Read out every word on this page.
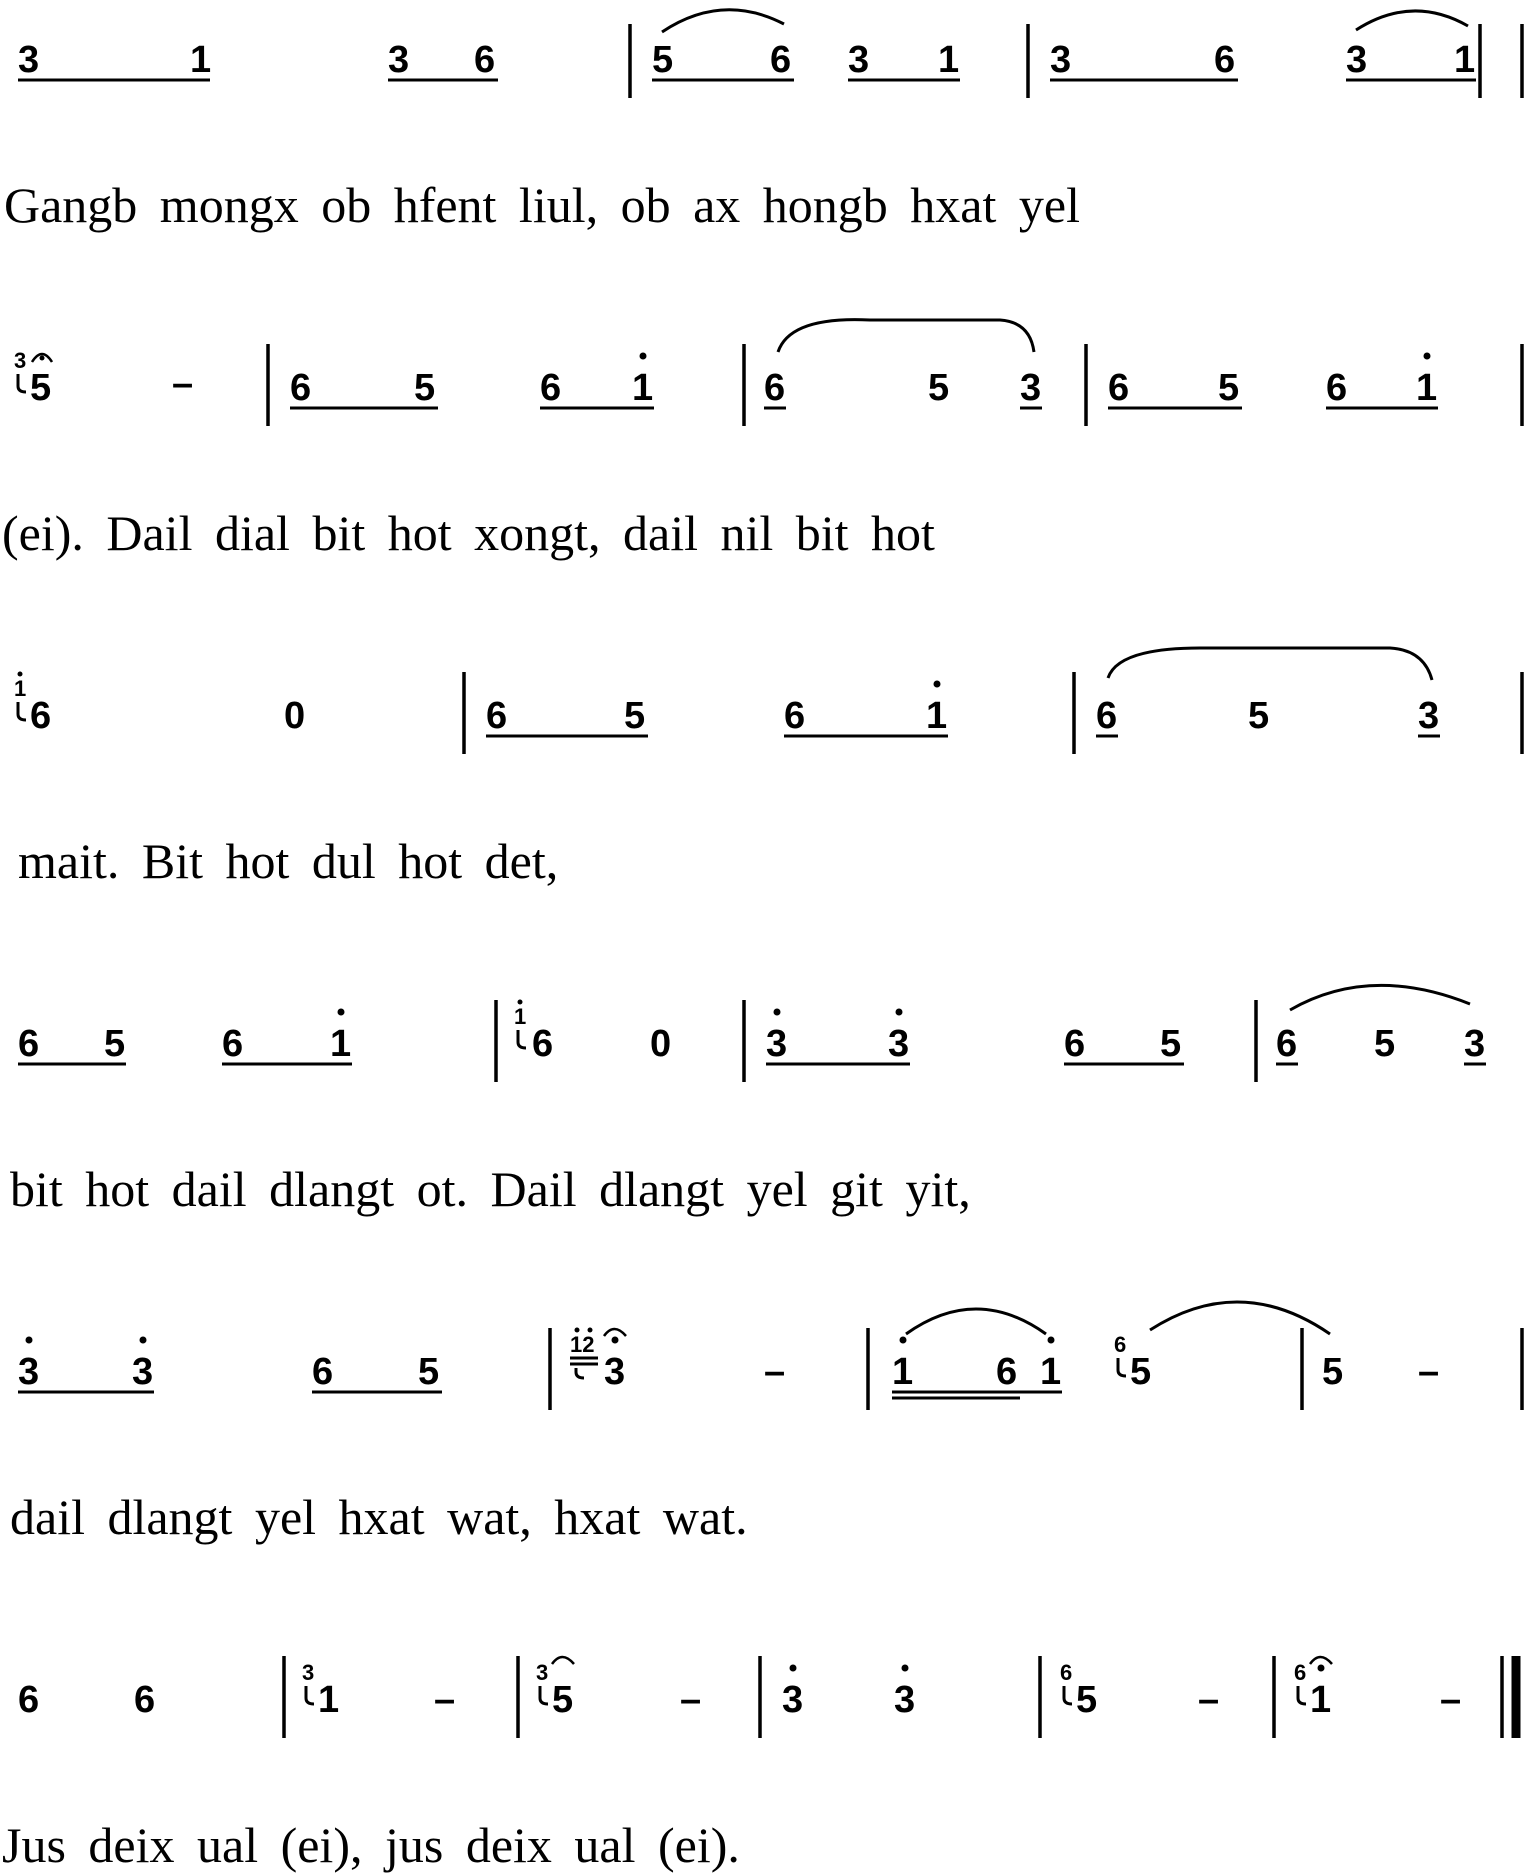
3	1	3 6	5	6 3 1 3	6	3 1
Gangb mongx ob hfent liul, ob ax hongb hxat yel
3
5	–	6	5	6 1	6	5 3 6 5 6 1
(ei). Dail dial bit hot xongt, dail nil bit hot
1
6	0	6	5	6	1	6	5	3
mait. Bit hot dul hot det,
6 5	6 1
1
6	0 3	3	6 5 6 5 3
bit hot dail dlangt ot. Dail dlangt yel git yit,
3 3	6 5
12
3	–	1 6 1
6
5	5 –
dail dlangt yel hxat wat, hxat wat.
6 6
3
1 –
3
5	– 3 3
6
5	–
6
1	–
Jus deix ual (ei), jus deix ual (ei).
